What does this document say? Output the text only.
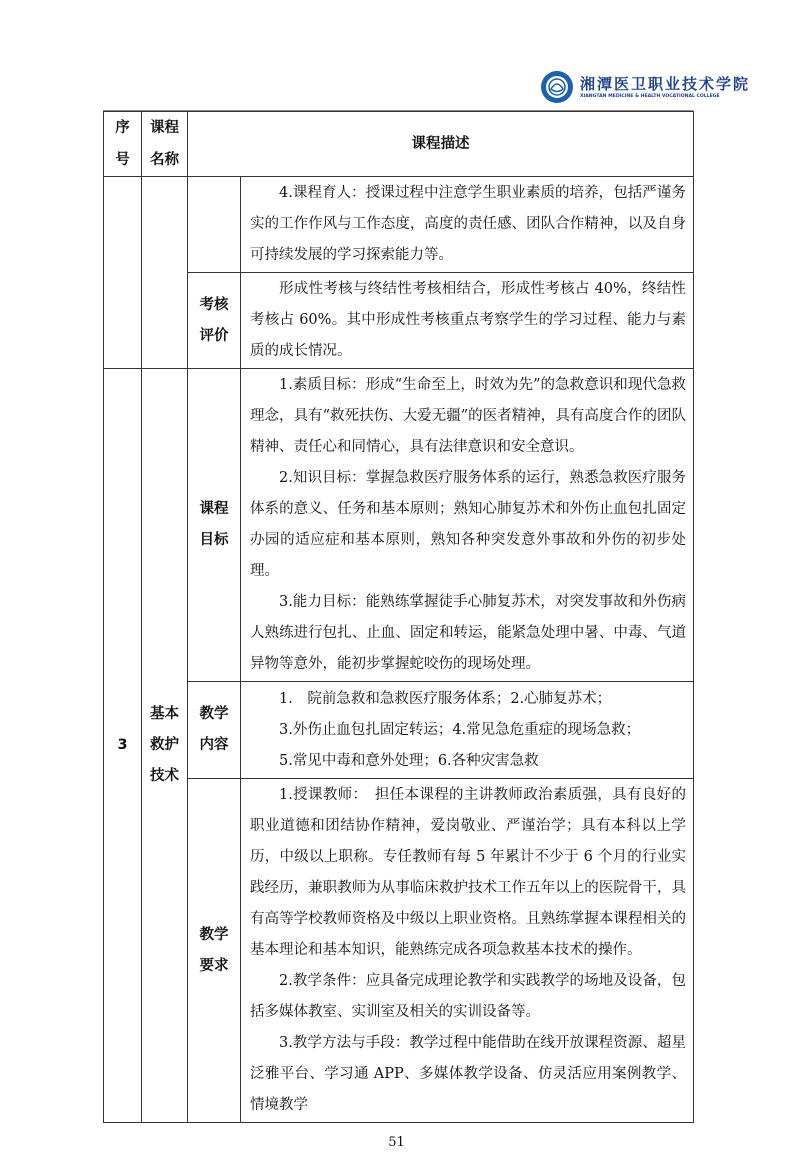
湘潭医卫职业技术学院
XIANGTAN MEDICINE & HEALTH VOCATIONAL COLLEGE
序号	课程名称	课程描述	

			4.课程育人：授课过程中注意学生职业素质的培养，包括严谨务实的工作作风与工作态度，高度的责任感、团队合作精神，以及自身可持续发展的学习探索能力等。

		考核评价	形成性考核与终结性考核相结合，形成性考核占 40%，终结性考核占 60%。其中形成性考核重点考察学生的学习过程、能力与素质的成长情况。

3	基本救护技术	课程目标	1.素质目标：形成“生命至上，时效为先”的急救意识和现代急救理念，具有“救死扶伤、大爱无疆”的医者精神，具有高度合作的团队精神、责任心和同情心，具有法律意识和安全意识。

2.知识目标：掌握急救医疗服务体系的运行，熟悉急救医疗服务体系的意义、任务和基本原则；熟知心肺复苏术和外伤止血包扎固定办园的适应症和基本原则，熟知各种突发意外事故和外伤的初步处理。

3.能力目标：能熟练掌握徒手心肺复苏术，对突发事故和外伤病人熟练进行包扎、止血、固定和转运，能紧急处理中暑、中毒、气道异物等意外，能初步掌握蛇咬伤的现场处理。

		教学内容	1.　院前急救和急救医疗服务体系；2.心肺复苏术；

3.外伤止血包扎固定转运；4.常见急危重症的现场急救；

5.常见中毒和意外处理；6.各种灾害急救

		教学要求	1.授课教师：　担任本课程的主讲教师政治素质强，具有良好的职业道德和团结协作精神，爱岗敬业、严谨治学；具有本科以上学历，中级以上职称。专任教师有每 5 年累计不少于 6 个月的行业实践经历，兼职教师为从事临床救护技术工作五年以上的医院骨干，具有高等学校教师资格及中级以上职业资格。且熟练掌握本课程相关的基本理论和基本知识，能熟练完成各项急救基本技术的操作。

2.教学条件：应具备完成理论教学和实践教学的场地及设备，包括多媒体教室、实训室及相关的实训设备等。

3.教学方法与手段：教学过程中能借助在线开放课程资源、超星泛雅平台、学习通 APP、多媒体教学设备、仿灵活应用案例教学、情境教学

51
